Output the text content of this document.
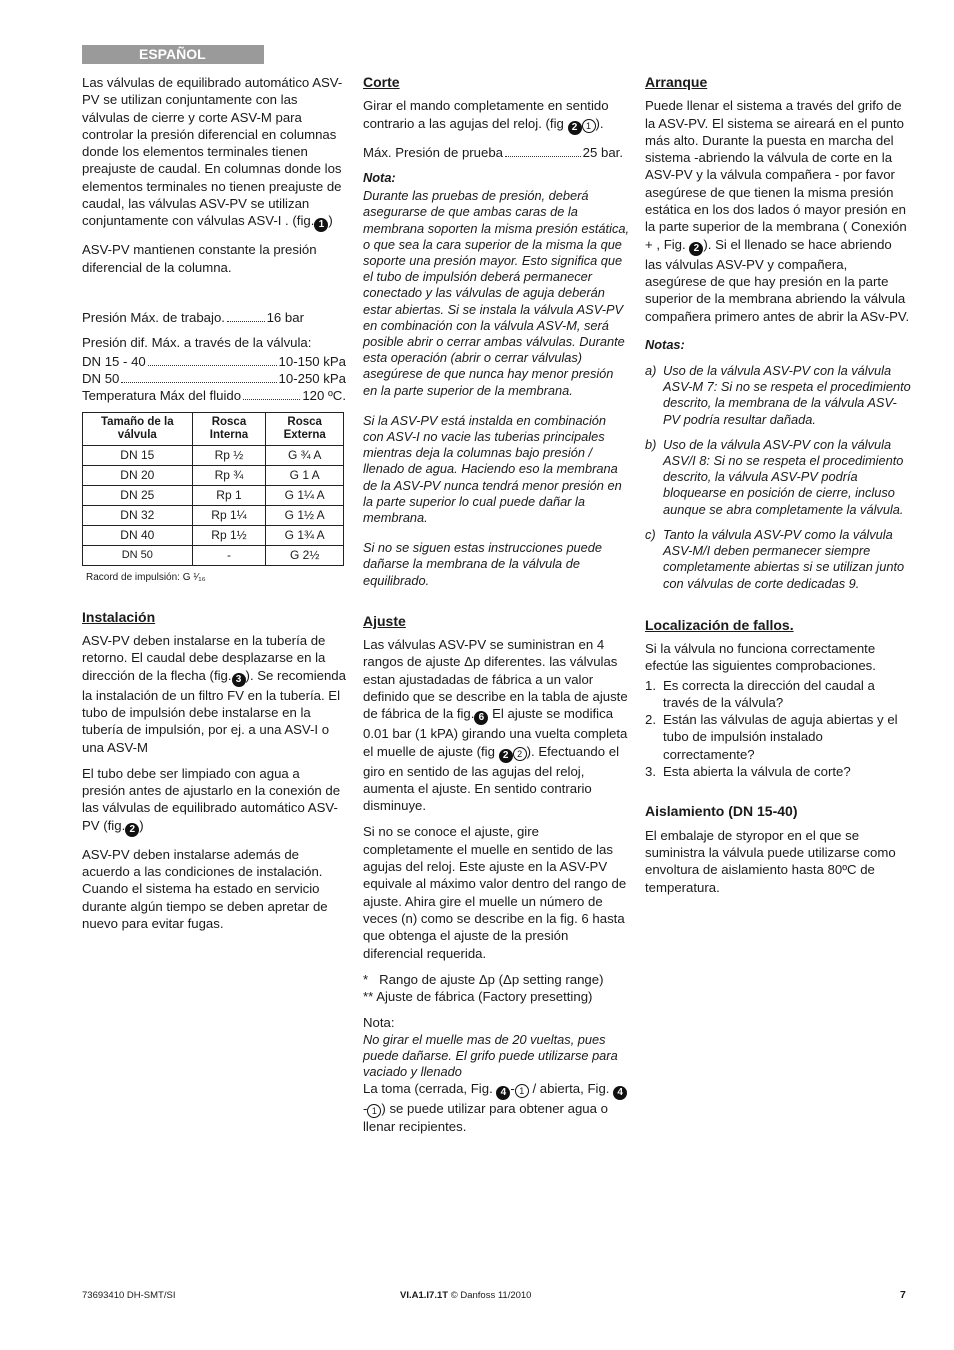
ESPAÑOL

Las válvulas de equilibrado automático ASV-PV se utilizan conjuntamente con las válvulas de cierre y corte ASV-M para controlar la presión diferencial en columnas donde los elementos terminales tienen preajuste de caudal. En columnas donde los elementos terminales no tienen preajuste de caudal, las válvulas ASV-PV se utilizan conjuntamente con válvulas ASV-I . (fig. 1 )

ASV-PV mantienen constante la presión diferencial de la columna.

Presión Máx. de trabajo.	16 bar
Presión dif. Máx. a través de la válvula:
DN 15 - 40	10-150 kPa
DN 50	10-250 kPa
Temperatura Máx del fluido	120 ºC.
Tamaño de la válvula	Rosca Interna	Rosca Externa
DN 15	Rp ½	G ¾ A
DN 20	Rp ¾	G 1 A
DN 25	Rp 1	G 1¼ A
DN 32	Rp 1¼	G 1½ A
DN 40	Rp 1½	G 1¾ A
DN 50	-	G 2½
Racord de impulsión: G ¹⁄₁₆

Instalación

ASV-PV deben instalarse en la tubería de retorno. El caudal debe desplazarse en la dirección de la flecha (fig. 3 ). Se recomienda la instalación de un filtro FV en la tubería. El tubo de impulsión debe instalarse en la tubería de impulsión, por ej. a una ASV-I o una ASV-M

El tubo debe ser limpiado con agua a presión antes de ajustarlo en la conexión de las válvulas de equilibrado automático ASV-PV (fig. 2 )

ASV-PV deben instalarse además de acuerdo a las condiciones de instalación. Cuando el sistema ha estado en servicio durante algún tiempo se deben apretar de nuevo para evitar fugas.

Corte

Girar el mando completamente en sentido contrario a las agujas del reloj. (fig 2 1 ).

Máx. Presión de prueba	25 bar.

Nota:

Durante las pruebas de presión, deberá asegurarse de que ambas caras de la membrana soporten la misma presión estática, o que sea la cara superior de la misma la que soporte una presión mayor. Esto significa que el tubo de impulsión deberá permanecer conectado y las válvulas de aguja deberán estar abiertas. Si se instala la válvula ASV-PV en combinación con la válvula ASV-M, será posible abrir o cerrar ambas válvulas. Durante esta operación (abrir o cerrar válvulas) asegúrese de que nunca hay menor presión en la parte superior de la membrana.

Si la ASV-PV está instalda en combinación con ASV-I no vacie las tuberias principales mientras deja la columnas bajo presión / llenado de agua. Haciendo eso la membrana de la ASV-PV nunca tendrá menor presión en la parte superior lo cual puede dañar la membrana.

Si no se siguen estas instrucciones puede dañarse la membrana de la válvula de equilibrado.

Ajuste

Las válvulas ASV-PV se suministran en 4 rangos de ajuste Δp diferentes. las válvulas estan ajustadadas de fábrica a un valor definido que se describe en la tabla de ajuste de fábrica de la fig. 6 El ajuste se modifica 0.01 bar (1 kPA) girando una vuelta completa el muelle de ajuste (fig 2 2 ). Efectuando el giro en sentido de las agujas del reloj, aumenta el ajuste. En sentido contrario disminuye.

Si no se conoce el ajuste, gire completamente el muelle en sentido de las agujas del reloj. Este ajuste en la ASV-PV equivale al máximo valor dentro del rango de ajuste. Ahira gire el muelle un número de veces (n) como se describe en la fig. 6 hasta que obtenga el ajuste de la presión diferencial requerida.

*   Rango de ajuste Δp (Δp setting range)

** Ajuste de fábrica (Factory presetting)

Nota:
No girar el muelle mas de 20 vueltas, pues puede dañarse. El grifo puede utilizarse para vaciado y llenado
La toma (cerrada, Fig. 4 - 1 / abierta, Fig. 4- 1 ) se puede utilizar para obtener agua o llenar recipientes.

Arranque

Puede llenar el sistema a través del grifo de la ASV-PV. El sistema se aireará en el punto más alto. Durante la puesta en marcha del sistema -abriendo la válvula de corte en la ASV-PV y la válvula compañera - por favor asegúrese de que tienen la misma presión estática en los dos lados ó mayor presión en la parte superior de la membrana ( Conexión + , Fig. 2 ). Si el llenado se hace abriendo las válvulas ASV-PV y compañera, asegúrese de que hay presión en la parte superior de la membrana abriendo la válvula compañera primero antes de abrir la ASv-PV.

Notas:

a) Uso de la válvula ASV-PV con la válvula ASV-M 7: Si no se respeta el procedimiento descrito, la membrana de la válvula ASV-PV podría resultar dañada.
b) Uso de la válvula ASV-PV con la válvula ASV/I 8: Si no se respeta el procedimiento descrito, la válvula ASV-PV podría bloquearse en posición de cierre, incluso aunque se abra completamente la válvula.
c) Tanto la válvula ASV-PV como la válvula ASV-M/I deben permanecer siempre completamente abiertas si se utilizan junto con válvulas de corte dedicadas 9.

Localización de fallos.

Si la válvula no funciona correctamente efectúe las siguientes comprobaciones.

1. Es correcta la dirección del caudal a través de la válvula?
2. Están las válvulas de aguja abiertas y el tubo de impulsión instalado correctamente?
3. Esta abierta la válvula de corte?

Aislamiento (DN 15-40)

El embalaje de styropor en el que se suministra la válvula puede utilizarse como envoltura de aislamiento hasta 80ºC de temperatura.

73693410 DH-SMT/SI	VI.A1.I7.1T © Danfoss 11/2010	7
